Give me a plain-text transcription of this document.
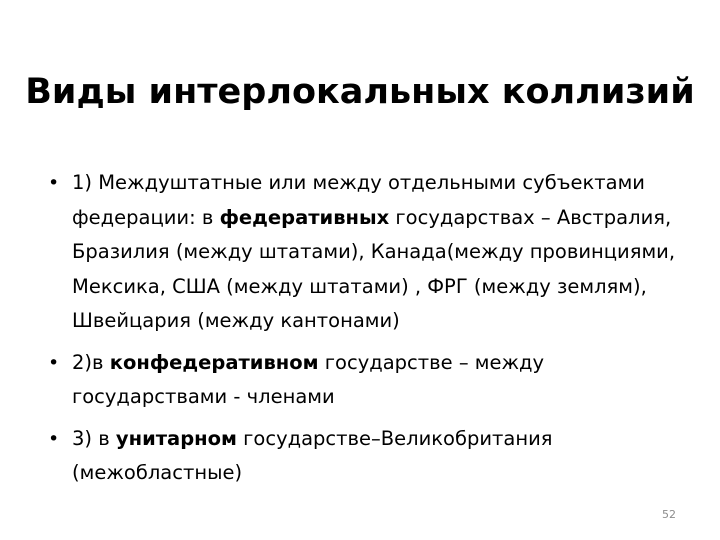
Виды интерлокальных коллизий
• 1) Междуштатные или между отдельными субъектами федерации: в федеративных государствах – Австралия, Бразилия (между штатами), Канада(между провинциями, Мексика, США (между штатами) , ФРГ (между землям), Швейцария (между кантонами)
• 2)в конфедеративном государстве – между государствами - членами
• 3) в унитарном государстве–Великобритания (межобластные)
52
